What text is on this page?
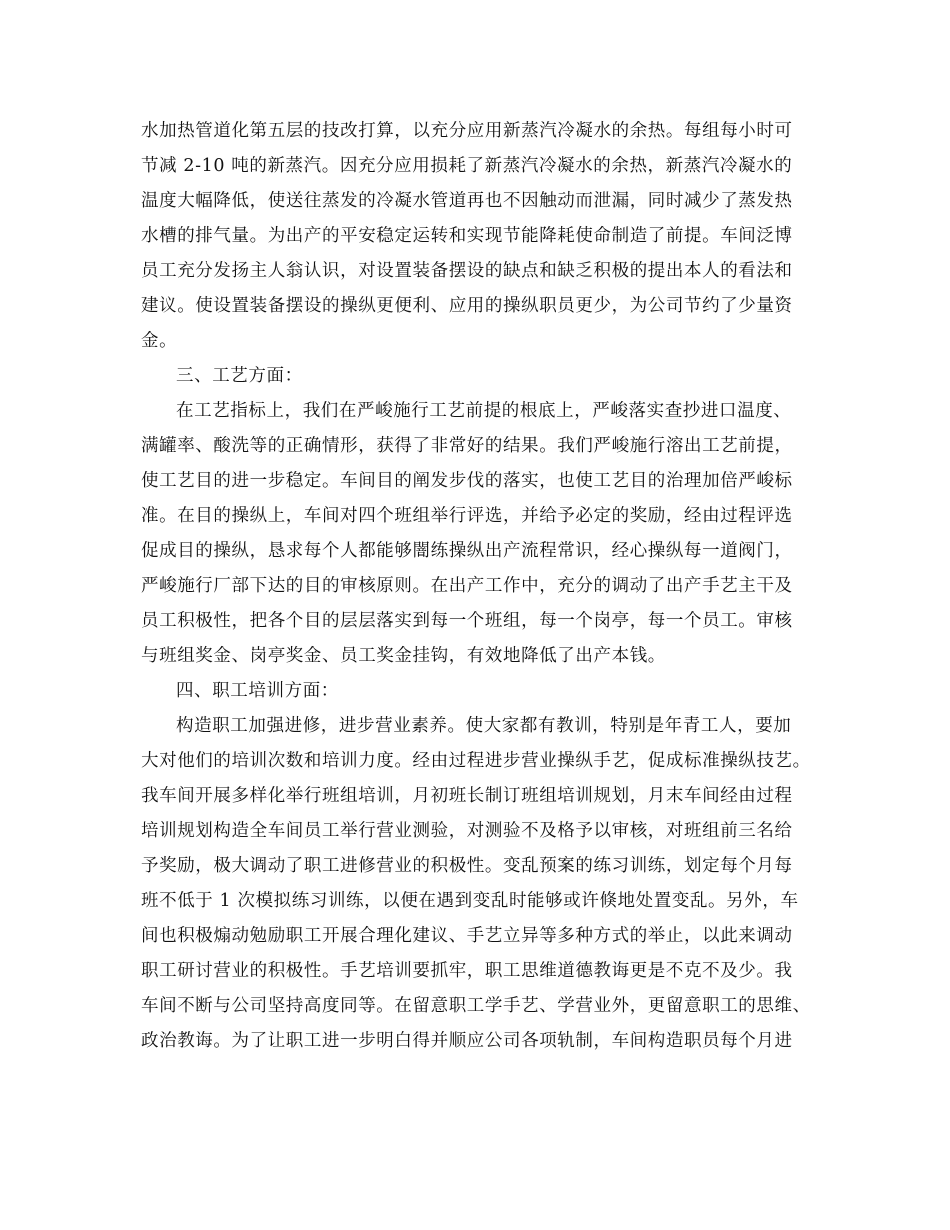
水加热管道化第五层的技改打算，以充分应用新蒸汽冷凝水的余热。每组每小时可
节减 2-10 吨的新蒸汽。因充分应用损耗了新蒸汽冷凝水的余热，新蒸汽冷凝水的
温度大幅降低，使送往蒸发的冷凝水管道再也不因触动而泄漏，同时减少了蒸发热
水槽的排气量。为出产的平安稳定运转和实现节能降耗使命制造了前提。车间泛博
员工充分发扬主人翁认识，对设置装备摆设的缺点和缺乏积极的提出本人的看法和
建议。使设置装备摆设的操纵更便利、应用的操纵职员更少，为公司节约了少量资
金。
三、工艺方面：
在工艺指标上，我们在严峻施行工艺前提的根底上，严峻落实查抄进口温度、
满罐率、酸洗等的正确情形，获得了非常好的结果。我们严峻施行溶出工艺前提，
使工艺目的进一步稳定。车间目的阐发步伐的落实，也使工艺目的治理加倍严峻标
准。在目的操纵上，车间对四个班组举行评选，并给予必定的奖励，经由过程评选
促成目的操纵，恳求每个人都能够闇练操纵出产流程常识，经心操纵每一道阀门，
严峻施行厂部下达的目的审核原则。在出产工作中，充分的调动了出产手艺主干及
员工积极性，把各个目的层层落实到每一个班组，每一个岗亭，每一个员工。审核
与班组奖金、岗亭奖金、员工奖金挂钩，有效地降低了出产本钱。
四、职工培训方面：
构造职工加强进修，进步营业素养。使大家都有教训，特别是年青工人，要加
大对他们的培训次数和培训力度。经由过程进步营业操纵手艺，促成标准操纵技艺。
我车间开展多样化举行班组培训，月初班长制订班组培训规划，月末车间经由过程
培训规划构造全车间员工举行营业测验，对测验不及格予以审核，对班组前三名给
予奖励，极大调动了职工进修营业的积极性。变乱预案的练习训练，划定每个月每
班不低于 1 次模拟练习训练，以便在遇到变乱时能够或许倏地处置变乱。另外，车
间也积极煽动勉励职工开展合理化建议、手艺立异等多种方式的举止，以此来调动
职工研讨营业的积极性。手艺培训要抓牢，职工思维道德教诲更是不克不及少。我
车间不断与公司坚持高度同等。在留意职工学手艺、学营业外，更留意职工的思维、
政治教诲。为了让职工进一步明白得并顺应公司各项轨制，车间构造职员每个月进
